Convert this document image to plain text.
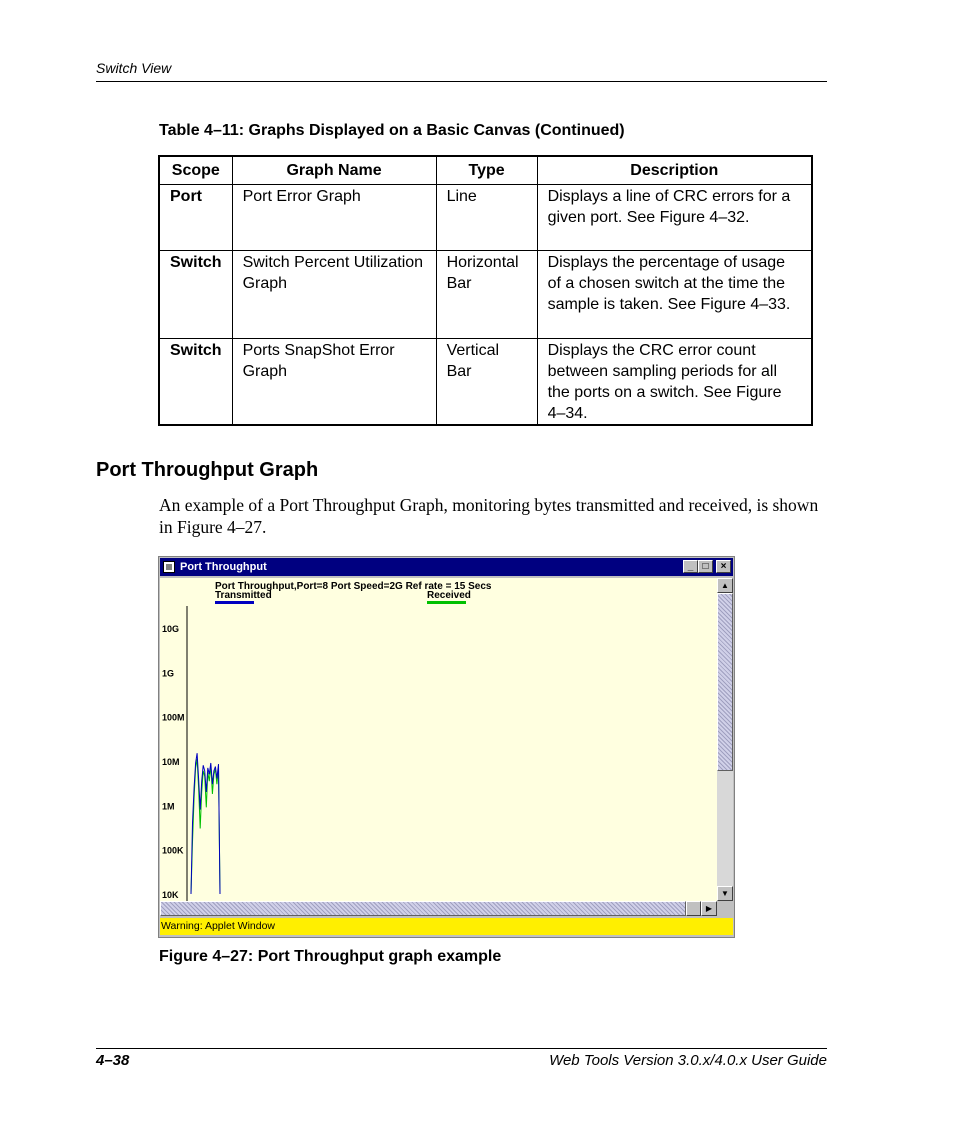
Switch View
Table 4–11: Graphs Displayed on a Basic Canvas (Continued)
Scope	Graph Name	Type	Description
Port	Port Error Graph	Line	Displays a line of CRC errors for a given port. See Figure 4–32.
Switch	Switch Percent Utilization Graph	Horizontal Bar	Displays the percentage of usage of a chosen switch at the time the sample is taken. See Figure 4–33.
Switch	Ports SnapShot Error Graph	Vertical Bar	Displays the CRC error count between sampling periods for all the ports on a switch. See Figure 4–34.
Port Throughput Graph
An example of a Port Throughput Graph, monitoring bytes transmitted and received, is shown in Figure 4–27.
Port Throughput	_ □	×
Port Throughput,Port=8 Port Speed=2G Ref rate = 15 Secs
Transmitted	Received
10G
1G
100M
10M
1M
100K
10K
▲
▼
▶
Warning: Applet Window
Figure 4–27: Port Throughput graph example
4–38	Web Tools Version 3.0.x/4.0.x User Guide
